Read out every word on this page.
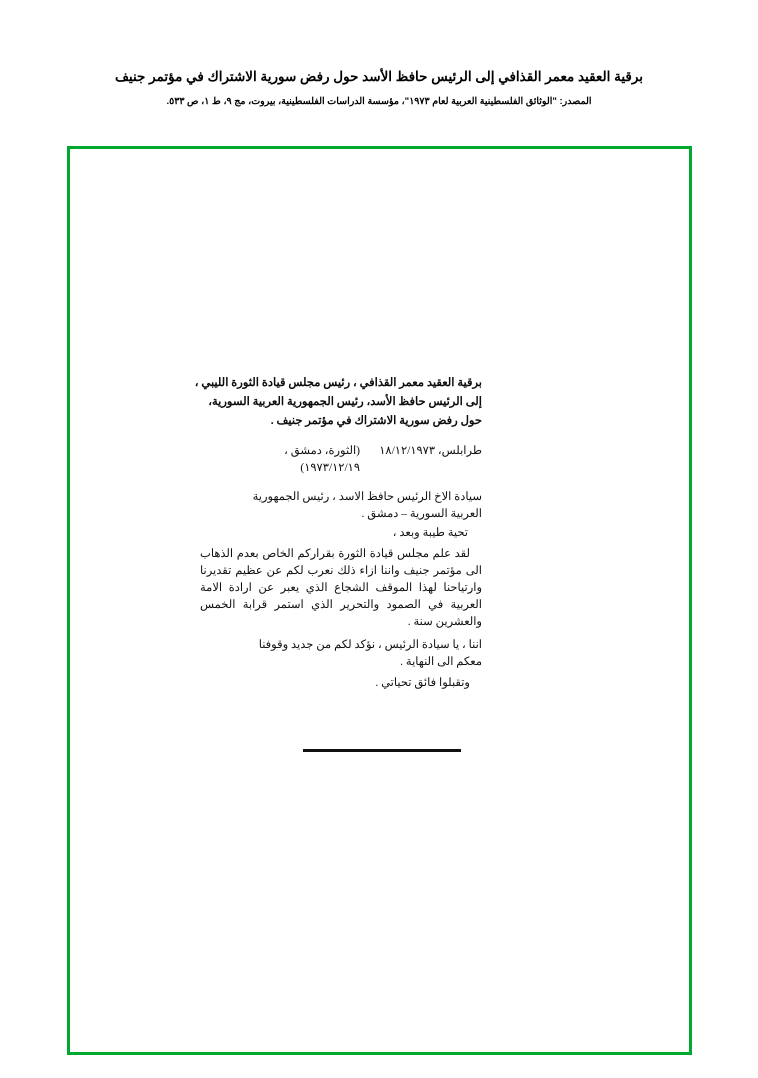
برقية العقيد معمر القذافي إلى الرئيس حافظ الأسد حول رفض سورية الاشتراك في مؤتمر جنيف
المصدر: "الوثائق الفلسطينية العربية لعام ١٩٧٣"، مؤسسة الدراسات الفلسطينية، بيروت، مج ٩، ط ١، ص ٥٣٣.
برقية العقيد معمر القذافي ، رئيس مجلس قيادة الثورة الليبي ،
إلى الرئيس حافظ الأسد، رئيس الجمهورية العربية السورية،
حول رفض سورية الاشتراك في مؤتمر جنيف .
طرابلس، ١٨/١٢/١٩٧٣
(الثورة، دمشق ،
١٩٧٣/١٢/١٩)
سيادة الاخ الرئيس حافظ الاسد ، رئيس الجمهورية
العربية السورية – دمشق .
تحية طيبة وبعد ،
لقد علم مجلس قيادة الثورة بقراركم الخاص بعدم الذهاب الى مؤتمر جنيف واننا ازاء ذلك نعرب لكم عن عظيم تقديرنا وارتياحنا لهذا الموقف الشجاع الذي يعبر عن ارادة الامة العربية في الصمود والتحرير الذي استمر قرابة الخمس والعشرين سنة .
اننا ، يا سيادة الرئيس ، نؤكد لكم من جديد وقوفنا
معكم الى النهاية .
وتقبلوا فائق تحياتي .
